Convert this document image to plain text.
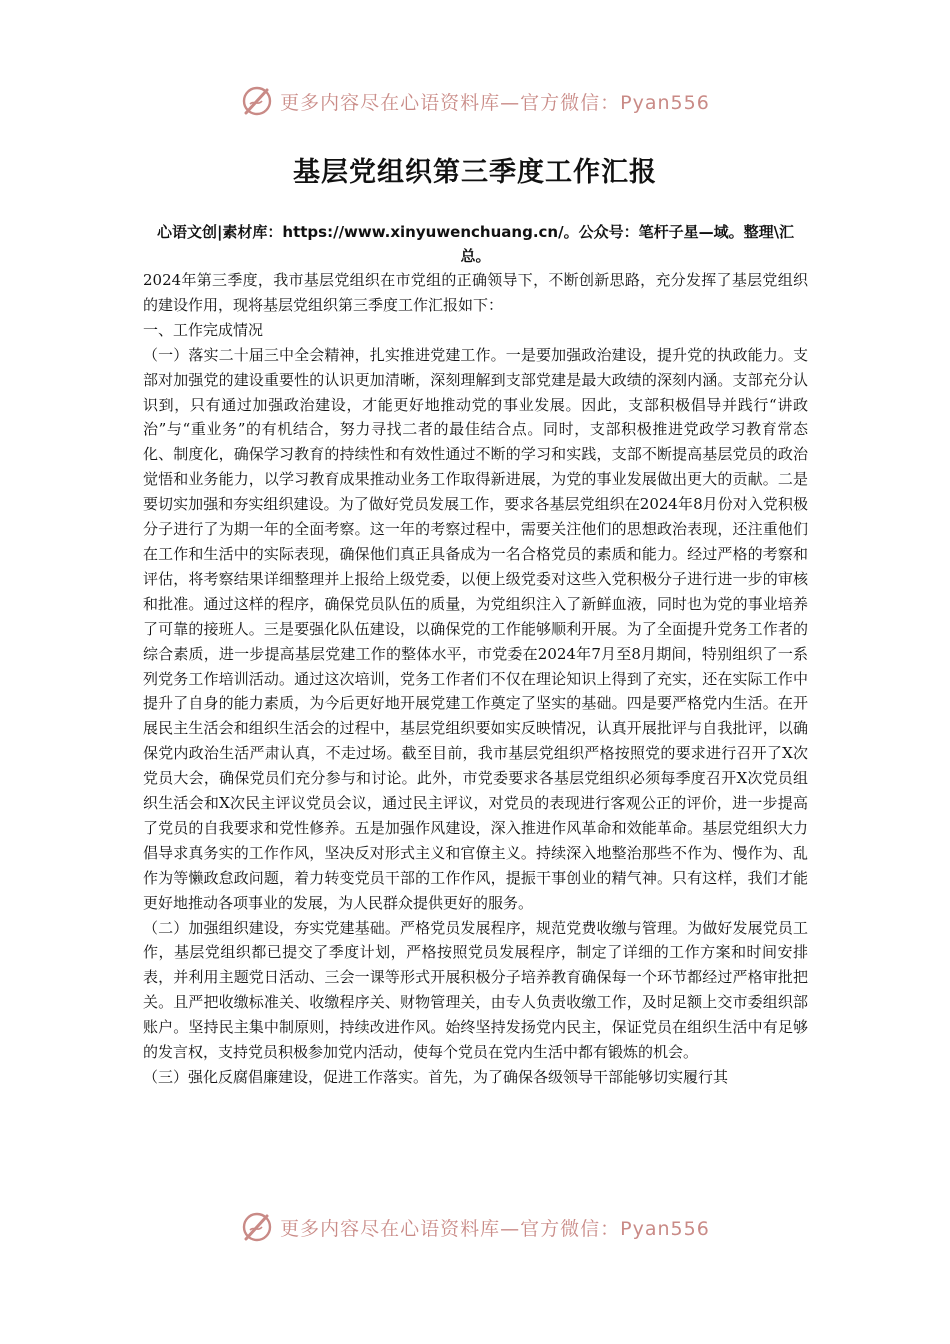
更多内容尽在心语资料库—官方微信：Pyan556
基层党组织第三季度工作汇报
心语文创|素材库：https://www.xinyuwenchuang.cn/。公众号：笔杆子星—域。整理\汇总。

2024年第三季度，我市基层党组织在市党组的正确领导下，不断创新思路，充分发挥了基层党组织的建设作用，现将基层党组织第三季度工作汇报如下：

一、工作完成情况

（一）落实二十届三中全会精神，扎实推进党建工作。一是要加强政治建设，提升党的执政能力。支部对加强党的建设重要性的认识更加清晰，深刻理解到支部党建是最大政绩的深刻内涵。支部充分认识到，只有通过加强政治建设，才能更好地推动党的事业发展。因此，支部积极倡导并践行“讲政治”与“重业务”的有机结合，努力寻找二者的最佳结合点。同时，支部积极推进党政学习教育常态化、制度化，确保学习教育的持续性和有效性通过不断的学习和实践，支部不断提高基层党员的政治觉悟和业务能力，以学习教育成果推动业务工作取得新进展，为党的事业发展做出更大的贡献。二是要切实加强和夯实组织建设。为了做好党员发展工作，要求各基层党组织在2024年8月份对入党积极分子进行了为期一年的全面考察。这一年的考察过程中，需要关注他们的思想政治表现，还注重他们在工作和生活中的实际表现，确保他们真正具备成为一名合格党员的素质和能力。经过严格的考察和评估，将考察结果详细整理并上报给上级党委，以便上级党委对这些入党积极分子进行进一步的审核和批准。通过这样的程序，确保党员队伍的质量，为党组织注入了新鲜血液，同时也为党的事业培养了可靠的接班人。三是要强化队伍建设，以确保党的工作能够顺利开展。为了全面提升党务工作者的综合素质，进一步提高基层党建工作的整体水平，市党委在2024年7月至8月期间，特别组织了一系列党务工作培训活动。通过这次培训，党务工作者们不仅在理论知识上得到了充实，还在实际工作中提升了自身的能力素质，为今后更好地开展党建工作奠定了坚实的基础。四是要严格党内生活。在开展民主生活会和组织生活会的过程中，基层党组织要如实反映情况，认真开展批评与自我批评，以确保党内政治生活严肃认真，不走过场。截至目前，我市基层党组织严格按照党的要求进行召开了X次党员大会，确保党员们充分参与和讨论。此外，市党委要求各基层党组织必须每季度召开X次党员组织生活会和X次民主评议党员会议，通过民主评议，对党员的表现进行客观公正的评价，进一步提高了党员的自我要求和党性修养。五是加强作风建设，深入推进作风革命和效能革命。基层党组织大力倡导求真务实的工作作风，坚决反对形式主义和官僚主义。持续深入地整治那些不作为、慢作为、乱作为等懒政怠政问题，着力转变党员干部的工作作风，提振干事创业的精气神。只有这样，我们才能更好地推动各项事业的发展，为人民群众提供更好的服务。

（二）加强组织建设，夯实党建基础。严格党员发展程序，规范党费收缴与管理。为做好发展党员工作，基层党组织都已提交了季度计划，严格按照党员发展程序，制定了详细的工作方案和时间安排表，并利用主题党日活动、三会一课等形式开展积极分子培养教育确保每一个环节都经过严格审批把关。且严把收缴标准关、收缴程序关、财物管理关，由专人负责收缴工作，及时足额上交市委组织部账户。坚持民主集中制原则，持续改进作风。始终坚持发扬党内民主，保证党员在组织生活中有足够的发言权，支持党员积极参加党内活动，使每个党员在党内生活中都有锻炼的机会。

（三）强化反腐倡廉建设，促进工作落实。首先，为了确保各级领导干部能够切实履行其

更多内容尽在心语资料库—官方微信：Pyan556
